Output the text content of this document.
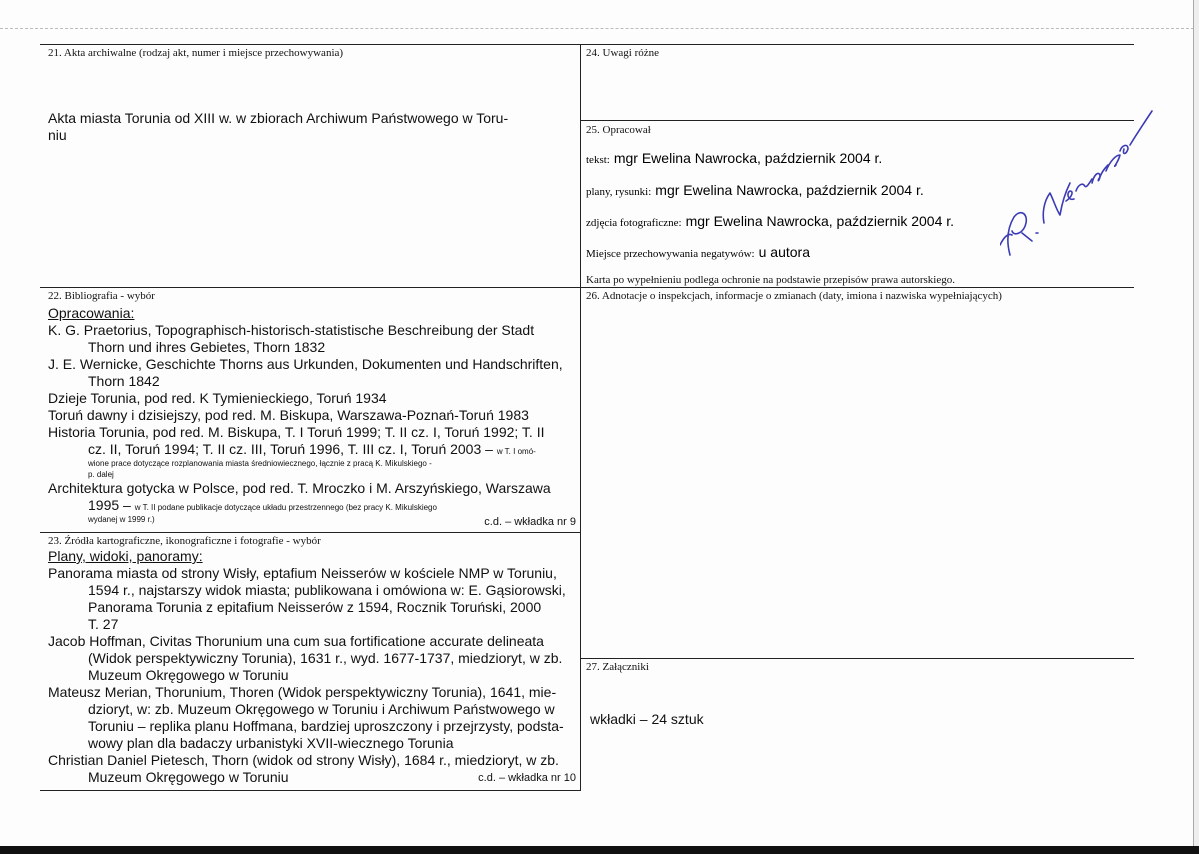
21. Akta archiwalne (rodzaj akt, numer i miejsce przechowywania)
Akta miasta Torunia od XIII w. w zbiorach Archiwum Państwowego w Toru-
niu
24. Uwagi różne
25. Opracował
tekst: mgr Ewelina Nawrocka, październik 2004 r.
plany, rysunki: mgr Ewelina Nawrocka, październik 2004 r.
zdjęcia fotograficzne: mgr Ewelina Nawrocka, październik 2004 r.
Miejsce przechowywania negatywów: u autora
Karta po wypełnieniu podlega ochronie na podstawie przepisów prawa autorskiego.
22. Bibliografia - wybór
Opracowania:
K. G. Praetorius, Topographisch-historisch-statistische Beschreibung der Stadt
Thorn und ihres Gebietes, Thorn 1832
J. E. Wernicke, Geschichte Thorns aus Urkunden, Dokumenten und Handschriften,
Thorn 1842
Dzieje Torunia, pod red. K Tymienieckiego, Toruń 1934
Toruń dawny i dzisiejszy, pod red. M. Biskupa, Warszawa-Poznań-Toruń 1983
Historia Torunia, pod red. M. Biskupa, T. I Toruń 1999; T. II cz. I, Toruń 1992; T. II
cz. II, Toruń 1994; T. II cz. III, Toruń 1996, T. III cz. I, Toruń 2003 – w T. I omó-
wione prace dotyczące rozplanowania miasta średniowiecznego, łącznie z pracą K. Mikulskiego -
p. dalej
Architektura gotycka w Polsce, pod red. T. Mroczko i M. Arszyńskiego, Warszawa
1995 – w T. II podane publikacje dotyczące układu przestrzennego (bez pracy K. Mikulskiego
wydanej w 1999 r.)	c.d. – wkładka nr 9
26. Adnotacje o inspekcjach, informacje o zmianach (daty, imiona i nazwiska wypełniających)
23. Źródła kartograficzne, ikonograficzne i fotografie - wybór
Plany, widoki, panoramy:
Panorama miasta od strony Wisły, eptafium Neisserów w kościele NMP w Toruniu,
1594 r., najstarszy widok miasta; publikowana i omówiona w: E. Gąsiorowski,
Panorama Torunia z epitafium Neisserów z 1594, Rocznik Toruński, 2000
T. 27
Jacob Hoffman, Civitas Thorunium una cum sua fortificatione accurate delineata
(Widok perspektywiczny Torunia), 1631 r., wyd. 1677-1737, miedzioryt, w zb.
Muzeum Okręgowego w Toruniu
Mateusz Merian, Thorunium, Thoren (Widok perspektywiczny Torunia), 1641, mie-
dzioryt, w: zb. Muzeum Okręgowego w Toruniu i Archiwum Państwowego w
Toruniu – replika planu Hoffmana, bardziej uproszczony i przejrzysty, podsta-
wowy plan dla badaczy urbanistyki XVII-wiecznego Torunia
Christian Daniel Pietesch, Thorn (widok od strony Wisły), 1684 r., miedzioryt, w zb.
Muzeum Okręgowego w Toruniu	c.d. – wkładka nr 10
27. Załączniki
wkładki – 24 sztuk
